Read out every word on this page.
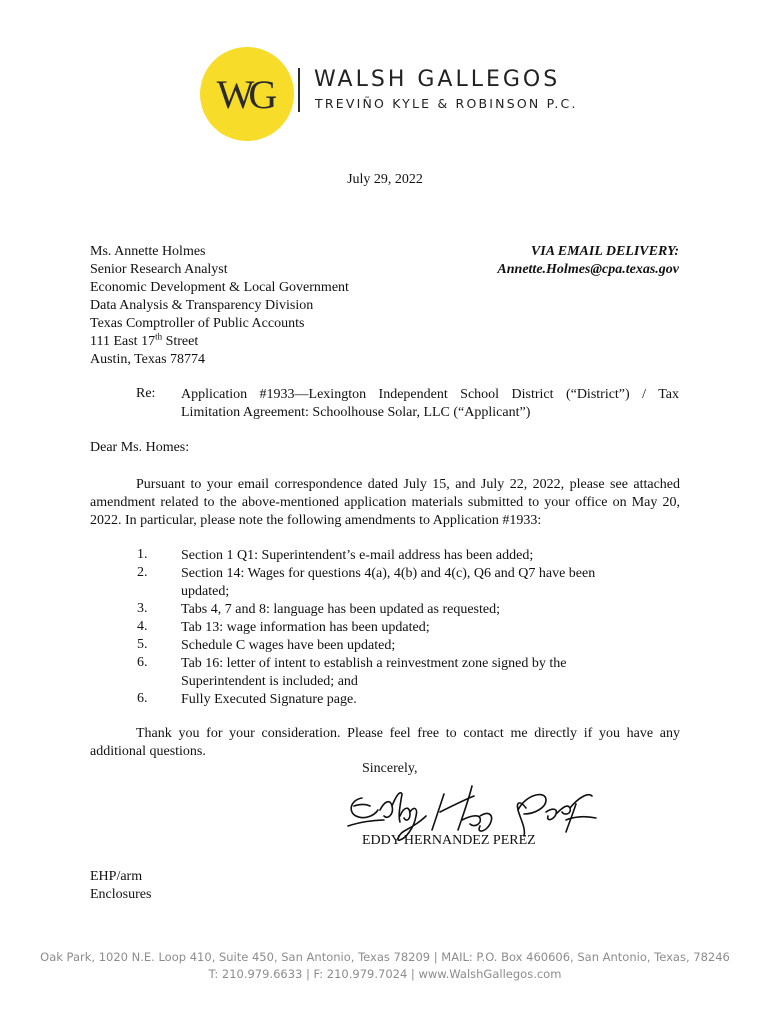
WG WALSH GALLEGOS
TREVIÑO KYLE & ROBINSON P.C.
July 29, 2022
Ms. Annette Holmes
Senior Research Analyst
Economic Development & Local Government
Data Analysis & Transparency Division
Texas Comptroller of Public Accounts
111 East 17th Street
Austin, Texas 78774
VIA EMAIL DELIVERY:
Annette.Holmes@cpa.texas.gov
Re: Application #1933—Lexington Independent School District (“District”) / Tax
Limitation Agreement: Schoolhouse Solar, LLC (“Applicant”)
Dear Ms. Homes:
Pursuant to your email correspondence dated July 15, and July 22, 2022, please see attached amendment related to the above-mentioned application materials submitted to your office on May 20, 2022. In particular, please note the following amendments to Application #1933:
1.	Section 1 Q1: Superintendent’s e-mail address has been added;
2.	Section 14: Wages for questions 4(a), 4(b) and 4(c), Q6 and Q7 have been updated;
3.	Tabs 4, 7 and 8: language has been updated as requested;
4.	Tab 13: wage information has been updated;
5.	Schedule C wages have been updated;
6.	Tab 16: letter of intent to establish a reinvestment zone signed by the Superintendent is included; and
6.	Fully Executed Signature page.
Thank you for your consideration. Please feel free to contact me directly if you have any additional questions.
Sincerely,
EDDY HERNANDEZ PEREZ
EHP/arm
Enclosures
Oak Park, 1020 N.E. Loop 410, Suite 450, San Antonio, Texas 78209 | MAIL: P.O. Box 460606, San Antonio, Texas, 78246
T: 210.979.6633 | F: 210.979.7024 | www.WalshGallegos.com
